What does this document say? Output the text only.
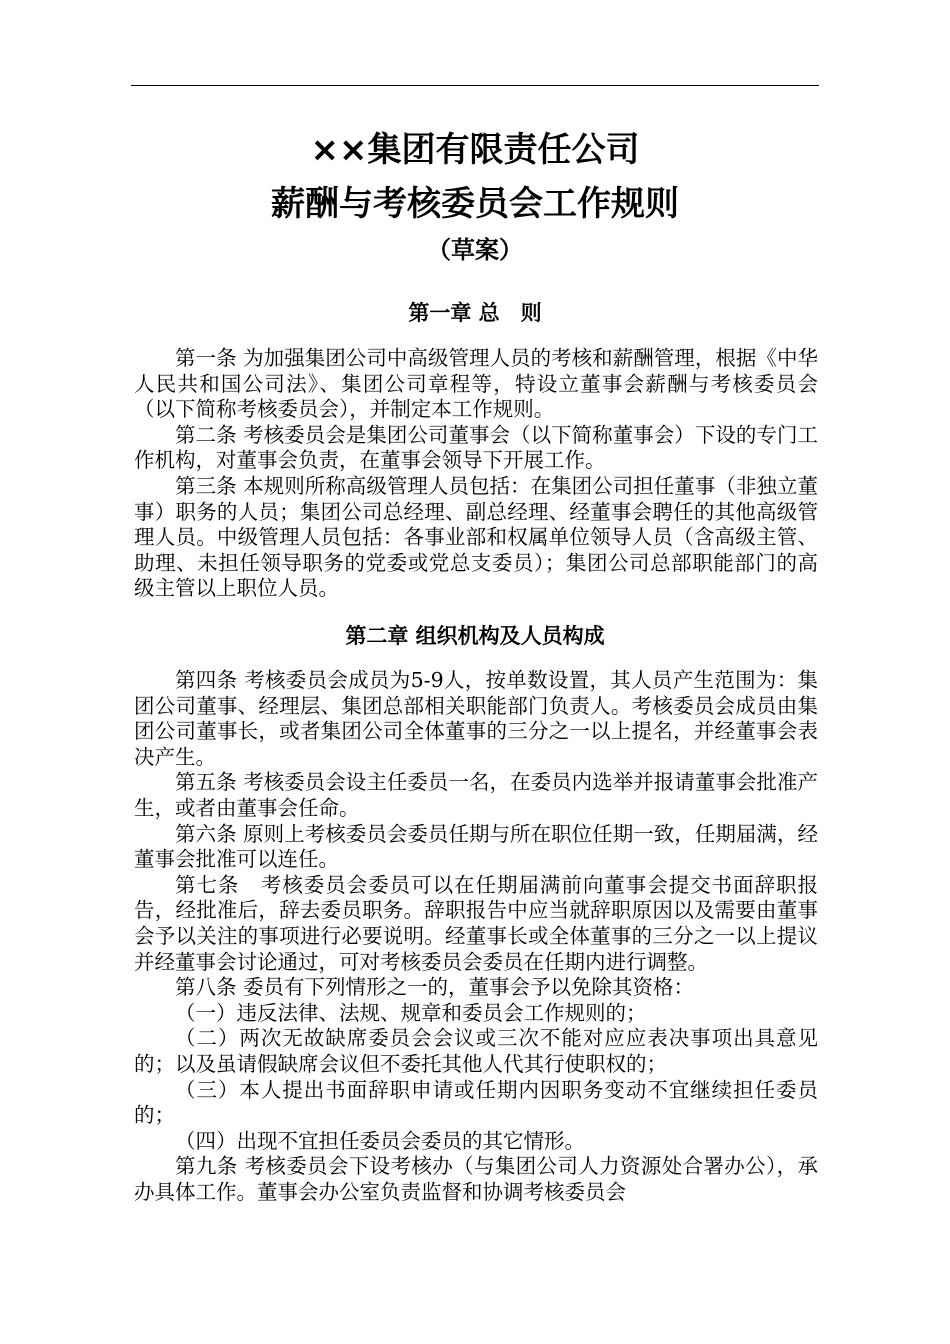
××集团有限责任公司
薪酬与考核委员会工作规则
（草案）
第一章 总　则

第一条 为加强集团公司中高级管理人员的考核和薪酬管理，根据《中华人民共和国公司法》、集团公司章程等，特设立董事会薪酬与考核委员会（以下简称考核委员会），并制定本工作规则。

第二条 考核委员会是集团公司董事会（以下简称董事会）下设的专门工作机构，对董事会负责，在董事会领导下开展工作。

第三条 本规则所称高级管理人员包括：在集团公司担任董事（非独立董事）职务的人员；集团公司总经理、副总经理、经董事会聘任的其他高级管理人员。中级管理人员包括：各事业部和权属单位领导人员（含高级主管、助理、未担任领导职务的党委或党总支委员）；集团公司总部职能部门的高级主管以上职位人员。

第二章 组织机构及人员构成

第四条 考核委员会成员为5-9人，按单数设置，其人员产生范围为：集团公司董事、经理层、集团总部相关职能部门负责人。考核委员会成员由集团公司董事长，或者集团公司全体董事的三分之一以上提名，并经董事会表决产生。

第五条 考核委员会设主任委员一名，在委员内选举并报请董事会批准产生，或者由董事会任命。

第六条 原则上考核委员会委员任期与所在职位任期一致，任期届满，经董事会批准可以连任。

第七条　考核委员会委员可以在任期届满前向董事会提交书面辞职报告，经批准后，辞去委员职务。辞职报告中应当就辞职原因以及需要由董事会予以关注的事项进行必要说明。经董事长或全体董事的三分之一以上提议并经董事会讨论通过，可对考核委员会委员在任期内进行调整。

第八条 委员有下列情形之一的，董事会予以免除其资格：

（一）违反法律、法规、规章和委员会工作规则的；

（二）两次无故缺席委员会会议或三次不能对应应表决事项出具意见的；以及虽请假缺席会议但不委托其他人代其行使职权的；

（三）本人提出书面辞职申请或任期内因职务变动不宜继续担任委员的；

（四）出现不宜担任委员会委员的其它情形。

第九条 考核委员会下设考核办（与集团公司人力资源处合署办公），承办具体工作。董事会办公室负责监督和协调考核委员会
